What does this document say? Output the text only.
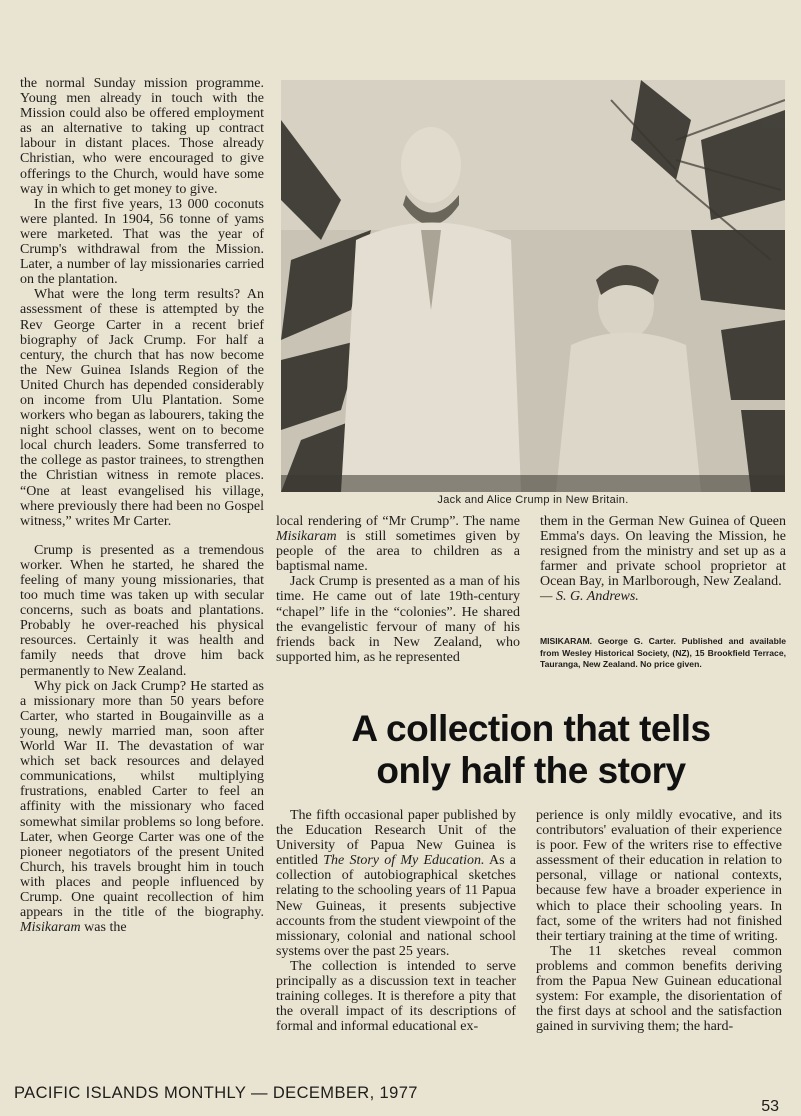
the normal Sunday mission programme. Young men already in touch with the Mission could also be offered employment as an alternative to taking up contract labour in distant places. Those already Christian, who were encouraged to give offerings to the Church, would have some way in which to get money to give.

In the first five years, 13 000 coconuts were planted. In 1904, 56 tonne of yams were marketed. That was the year of Crump's withdrawal from the Mission. Later, a number of lay missionaries carried on the plantation.

What were the long term results? An assessment of these is attempted by the Rev George Carter in a recent brief biography of Jack Crump. For half a century, the church that has now become the New Guinea Islands Region of the United Church has depended considerably on income from Ulu Plantation. Some workers who began as labourers, taking the night school classes, went on to become local church leaders. Some transferred to the college as pastor trainees, to strengthen the Christian witness in remote places. “One at least evangelised his village, where previously there had been no Gospel witness,” writes Mr Carter.

Crump is presented as a tremendous worker. When he started, he shared the feeling of many young missionaries, that too much time was taken up with secular concerns, such as boats and plantations. Probably he over-reached his physical resources. Certainly it was health and family needs that drove him back permanently to New Zealand.

Why pick on Jack Crump? He started as a missionary more than 50 years before Carter, who started in Bougainville as a young, newly married man, soon after World War II. The devastation of war which set back resources and delayed communications, whilst multiplying frustrations, enabled Carter to feel an affinity with the missionary who faced somewhat similar problems so long before. Later, when George Carter was one of the pioneer negotiators of the present United Church, his travels brought him in touch with places and people influenced by Crump. One quaint recollection of him appears in the title of the biography. Misikaram was the

Jack and Alice Crump in New Britain.

local rendering of “Mr Crump”. The name Misikaram is still sometimes given by people of the area to children as a baptismal name.

Jack Crump is presented as a man of his time. He came out of late 19th-century “chapel” life in the “colonies”. He shared the evangelistic fervour of many of his friends back in New Zealand, who supported him, as he represented

them in the German New Guinea of Queen Emma's days. On leaving the Mission, he resigned from the ministry and set up as a farmer and private school proprietor at Ocean Bay, in Marlborough, New Zealand.
— S. G. Andrews.

MISIKARAM. George G. Carter. Published and available from Wesley Historical Society, (NZ), 15 Brookfield Terrace, Tauranga, New Zealand. No price given.
A collection that tells
only half the story

The fifth occasional paper published by the Education Research Unit of the University of Papua New Guinea is entitled The Story of My Education. As a collection of autobiographical sketches relating to the schooling years of 11 Papua New Guineas, it presents subjective accounts from the student viewpoint of the missionary, colonial and national school systems over the past 25 years.

The collection is intended to serve principally as a discussion text in teacher training colleges. It is therefore a pity that the overall impact of its descriptions of formal and informal educational ex-

perience is only mildly evocative, and its contributors' evaluation of their experience is poor. Few of the writers rise to effective assessment of their education in relation to personal, village or national contexts, because few have a broader experience in which to place their schooling years. In fact, some of the writers had not finished their tertiary training at the time of writing.

The 11 sketches reveal common problems and common benefits deriving from the Papua New Guinean educational system: For example, the disorientation of the first days at school and the satisfaction gained in surviving them; the hard-

PACIFIC ISLANDS MONTHLY — DECEMBER, 1977
53
